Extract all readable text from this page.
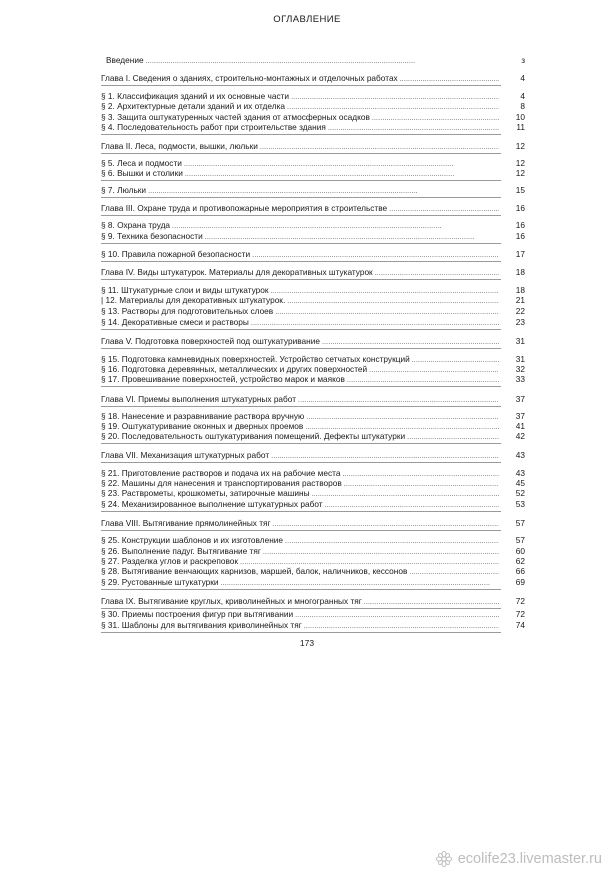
ОГЛАВЛЕНИЕ
Введение . . .	з
Глава I. Сведения о зданиях, строительно-монтажных и отделочных работах . . .	4
§ 1. Классификация зданий и их основные части . . .	4
§ 2. Архитектурные детали зданий и их отделка . . .	8
§ 3. Защита оштукатуренных частей здания от атмосферных осадков . . .	10
§ 4. Последовательность работ при строительстве здания . . .	11
Глава II. Леса, подмости, вышки, люльки . . .	12
§ 5. Леса и подмости . . .	12
§ 6. Вышки и столики . . .	12
§ 7. Люльки . . .	15
Глава III. Охране труда и противопожарные мероприятия в строительстве . . .	16
§ 8. Охрана труда . . .	16
§ 9. Техника безопасности . . .	16
§ 10. Правила пожарной безопасности . . .	17
Глава IV. Виды штукатурок. Материалы для декоративных штукатурок . . .	18
§ 11. Штукатурные слои и виды штукатурок . . .	18
| 12. Материалы для декоративных штукатурок. . . .	21
§ 13. Растворы для подготовительных слоев . . .	22
§ 14. Декоративные смеси и растворы . . .	23
Глава V. Подготовка поверхностей под оштукатуривание . . .	31
§ 15. Подготовка камневидных поверхностей. Устройство сетчатых конструкций . . .	31
§ 16. Подготовка деревянных, металлических и других поверхностей . . .	32
§ 17. Провешивание поверхностей, устройство марок и маяков . . .	33
Глава VI. Приемы выполнения штукатурных работ . . .	37
§ 18. Нанесение и разравнивание раствора вручную . . .	37
§ 19. Оштукатуривание оконных и дверных проемов . . .	41
§ 20. Последовательность оштукатуривания помещений. Дефекты штукатурки . . .	42
Глава VII. Механизация штукатурных работ . . .	43
§ 21. Приготовление растворов и подача их на рабочие места . . .	43
§ 22. Машины для нанесения и транспортирования растворов . . .	45
§ 23. Растврометы, крошкометы, затирочные машины . . .	52
§ 24. Механизированное выполнение штукатурных работ . . .	53
Глава VIII. Вытягивание прямолинейных тяг . . .	57
§ 25. Конструкции шаблонов и их изготовление . . .	57
§ 26. Выполнение падуг. Вытягивание тяг . . .	60
§ 27. Разделка углов и раскреповок . . .	62
§ 28. Вытягивание венчающих карнизов, маршей, балок, наличников, кессонов . . .	66
§ 29. Рустованные штукатурки . . .	69
Глава IX. Вытягивание круглых, криволинейных и многогранных тяг . . .	72
§ 30. Приемы построения фигур при вытягивании . . .	72
§ 31. Шаблоны для вытягивания криволинейных тяг . . .	74
173
ecolife23.livemaster.ru
